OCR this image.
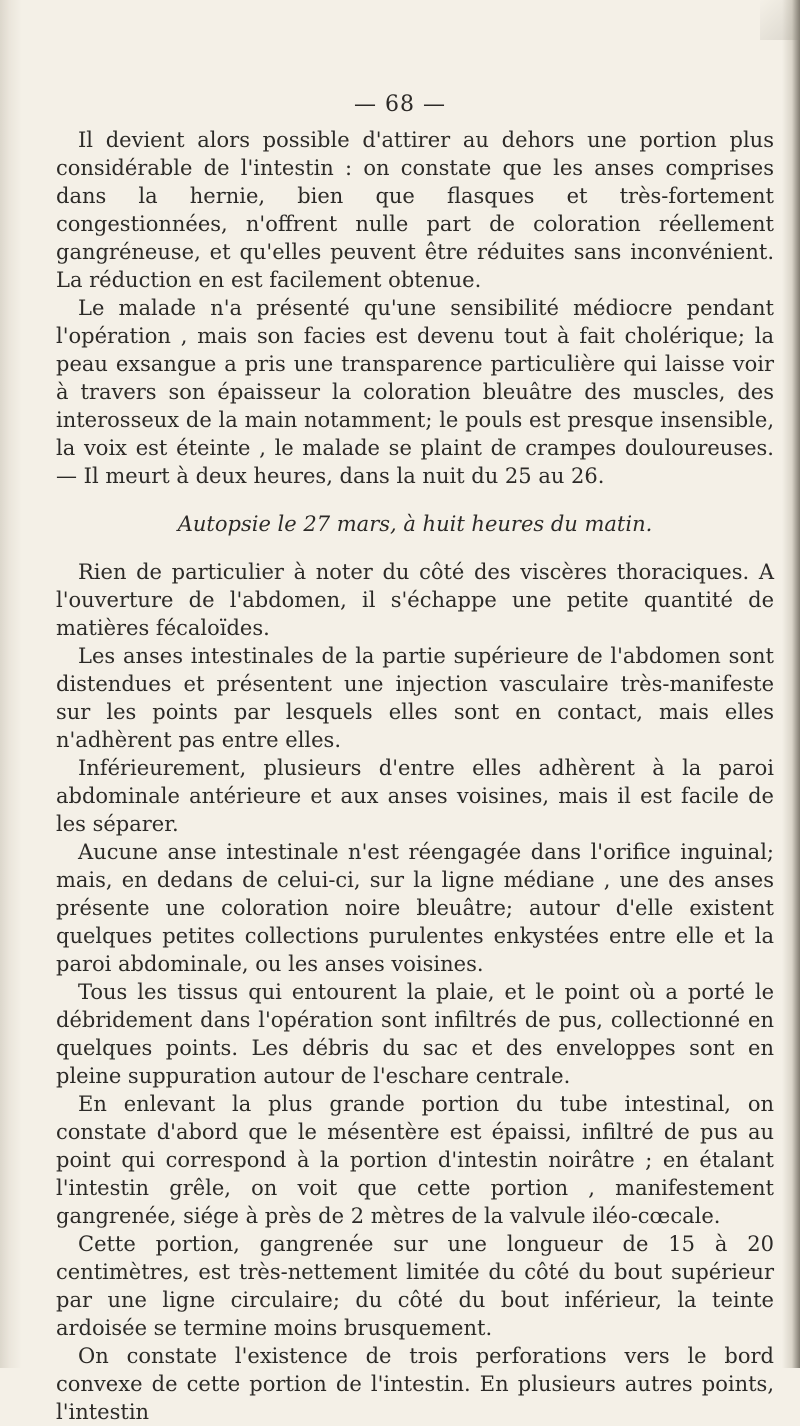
— 68 —

Il devient alors possible d'attirer au dehors une portion plus considérable de l'intestin : on constate que les anses comprises dans la hernie, bien que flasques et très-fortement congestionnées, n'offrent nulle part de coloration réellement gangréneuse, et qu'elles peuvent être réduites sans inconvénient. La réduction en est facilement obtenue.

Le malade n'a présenté qu'une sensibilité médiocre pendant l'opération , mais son facies est devenu tout à fait cholérique; la peau exsangue a pris une transparence particulière qui laisse voir à travers son épaisseur la coloration bleuâtre des muscles, des interosseux de la main notamment; le pouls est presque insensible, la voix est éteinte , le malade se plaint de crampes douloureuses. — Il meurt à deux heures, dans la nuit du 25 au 26.

Autopsie le 27 mars, à huit heures du matin.

Rien de particulier à noter du côté des viscères thoraciques. A l'ouverture de l'abdomen, il s'échappe une petite quantité de matières fécaloïdes.

Les anses intestinales de la partie supérieure de l'abdomen sont distendues et présentent une injection vasculaire très-manifeste sur les points par lesquels elles sont en contact, mais elles n'adhèrent pas entre elles.

Inférieurement, plusieurs d'entre elles adhèrent à la paroi abdominale antérieure et aux anses voisines, mais il est facile de les séparer.

Aucune anse intestinale n'est réengagée dans l'orifice inguinal; mais, en dedans de celui-ci, sur la ligne médiane , une des anses présente une coloration noire bleuâtre; autour d'elle existent quelques petites collections purulentes enkystées entre elle et la paroi abdominale, ou les anses voisines.

Tous les tissus qui entourent la plaie, et le point où a porté le débridement dans l'opération sont infiltrés de pus, collectionné en quelques points. Les débris du sac et des enveloppes sont en pleine suppuration autour de l'eschare centrale.

En enlevant la plus grande portion du tube intestinal, on constate d'abord que le mésentère est épaissi, infiltré de pus au point qui correspond à la portion d'intestin noirâtre ; en étalant l'intestin grêle, on voit que cette portion , manifestement gangrenée, siége à près de 2 mètres de la valvule iléo-cœcale.

Cette portion, gangrenée sur une longueur de 15 à 20 centimètres, est très-nettement limitée du côté du bout supérieur par une ligne circulaire; du côté du bout inférieur, la teinte ardoisée se termine moins brusquement.

On constate l'existence de trois perforations vers le bord convexe de cette portion de l'intestin. En plusieurs autres points, l'intestin
